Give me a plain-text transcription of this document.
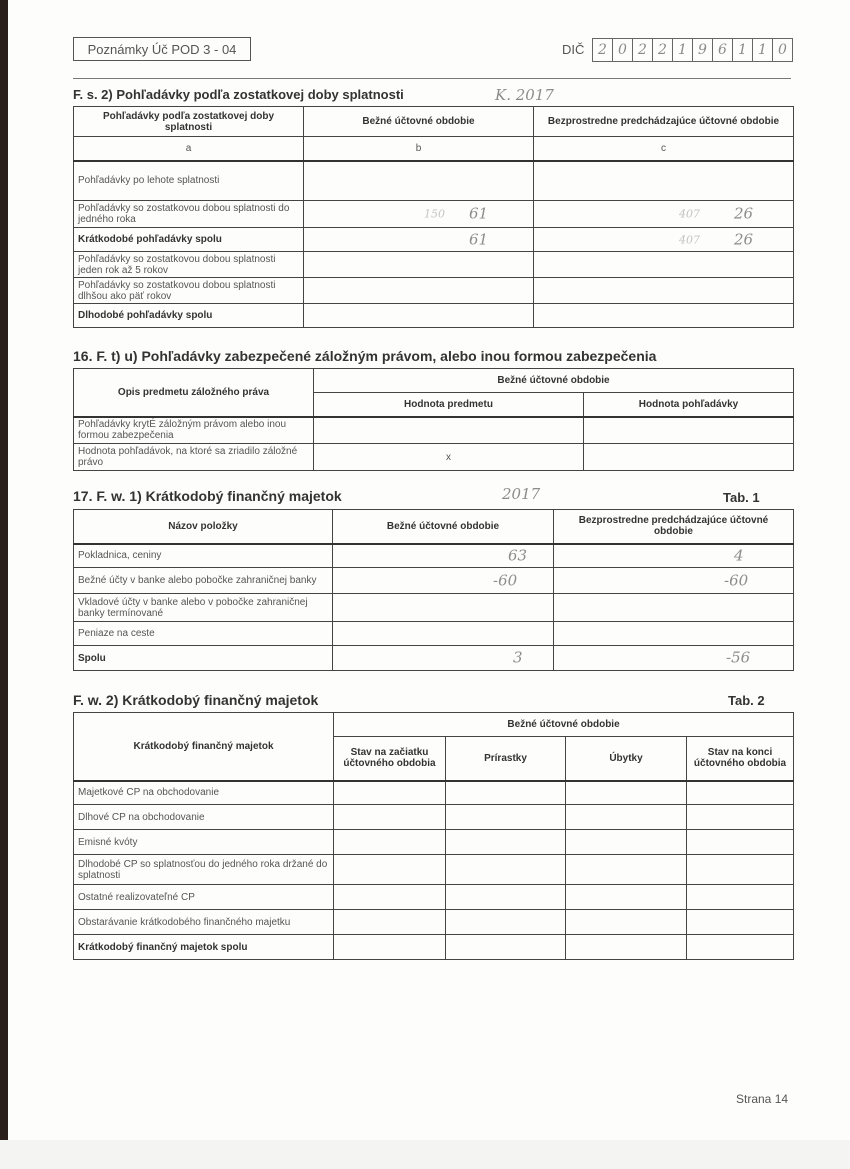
Poznámky Úč POD 3 - 04	DIČ 2 0 2 2 1 9 6 1 1 0
F. s. 2) Pohľadávky podľa zostatkovej doby splatnosti	K. 2017
Pohľadávky podľa zostatkovej doby splatnosti	Bežné účtovné obdobie	Bezprostredne predchádzajúce účtovné obdobie
a	b	c
Pohľadávky po lehote splatnosti		
Pohľadávky so zostatkovou dobou splatnosti do jedného roka	150 61	407 26

Krátkodobé pohľadávky spolu	61	407 26

Pohľadávky so zostatkovou dobou splatnosti jeden rok až 5 rokov		
Pohľadávky so zostatkovou dobou splatnosti dlhšou ako päť rokov		
Dlhodobé pohľadávky spolu		
16. F. t) u) Pohľadávky zabezpečené záložným právom, alebo inou formou zabezpečenia
Opis predmetu záložného práva	Bežné účtovné obdobie	
	Hodnota predmetu	Hodnota pohľadávky
Pohľadávky krytÉ záložným právom alebo inou formou zabezpečenia		
Hodnota pohľadávok, na ktoré sa zriadilo záložné právo	x	
17. F. w. 1) Krátkodobý finančný majetok	2017	Tab. 1
Názov položky	Bežné účtovné obdobie	Bezprostredne predchádzajúce účtovné obdobie
Pokladnica, ceniny	63	4

Bežné účty v banke alebo pobočke zahraničnej banky	-60	-60

Vkladové účty v banke alebo v pobočke zahraničnej banky termínované	

Peniaze na ceste	

Spolu	3	-56
F. w. 2) Krátkodobý finančný majetok	Tab. 2
Krátkodobý finančný majetok	Bežné účtovné obdobie			
	Stav na začiatku účtovného obdobia	Prírastky	Úbytky	Stav na konci účtovného obdobia
Majetkové CP na obchodovanie				
Dlhové CP na obchodovanie				
Emisné kvóty				
Dlhodobé CP so splatnosťou do jedného roka držané do splatnosti				
Ostatné realizovateľné CP				
Obstarávanie krátkodobého finančného majetku				
Krátkodobý finančný majetok spolu				
Strana 14
